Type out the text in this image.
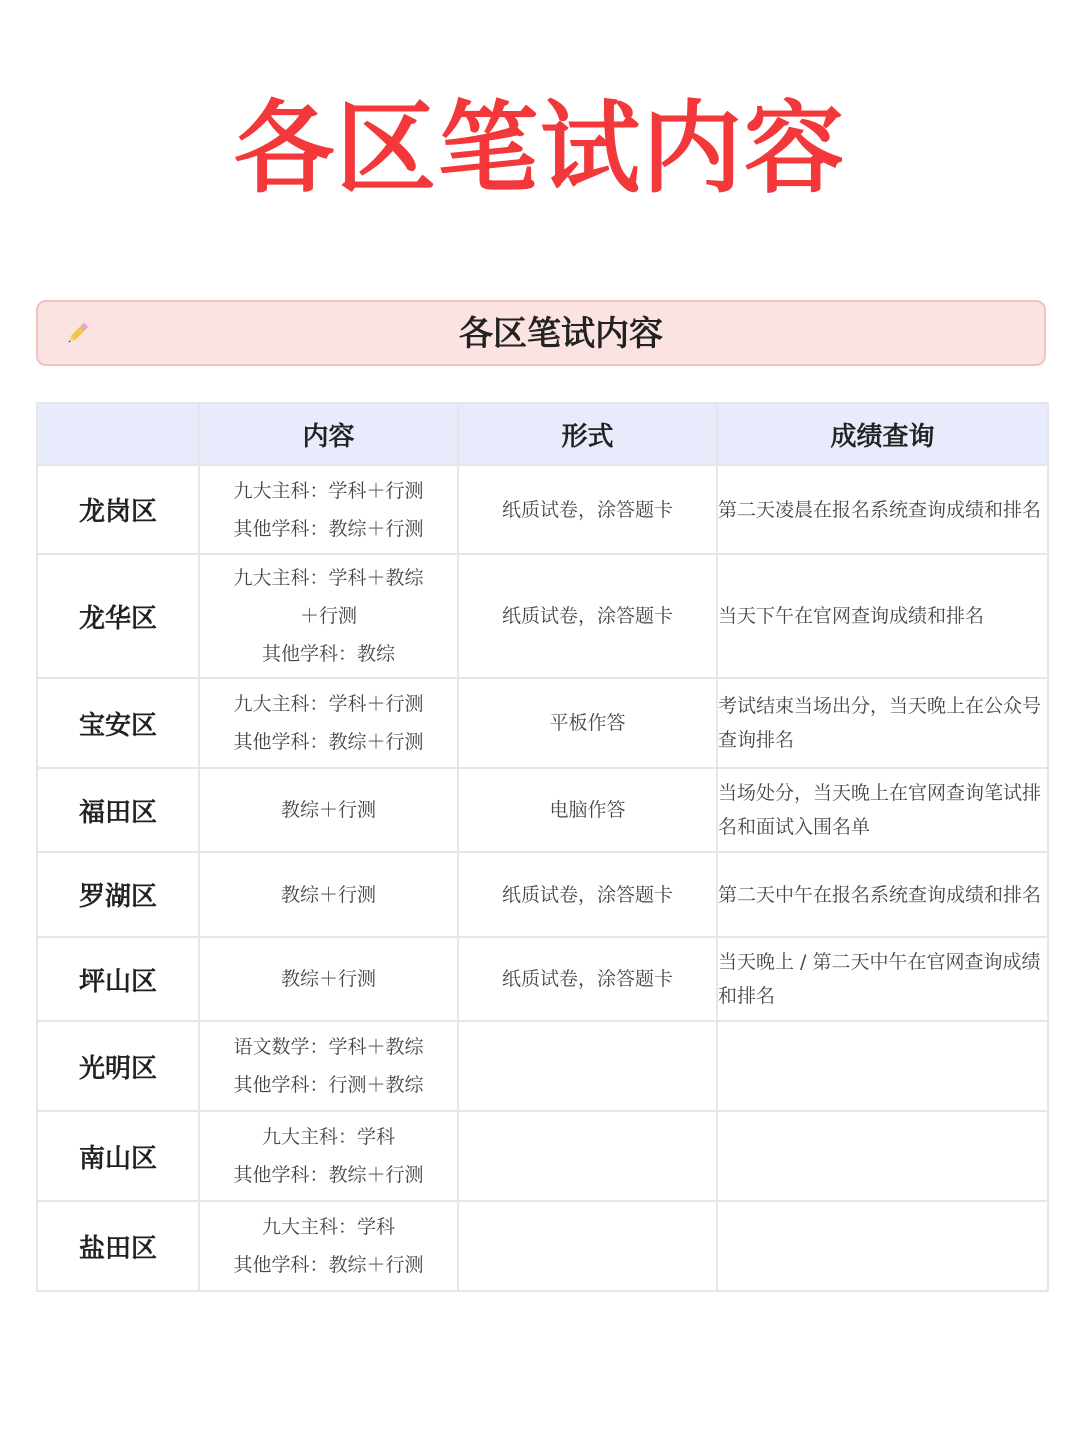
各区笔试内容
各区笔试内容
	内容	形式	成绩查询
龙岗区	九大主科：学科＋行测
其他学科：教综＋行测	纸质试卷，涂答题卡	第二天凌晨在报名系统查询成绩和排名
龙华区	九大主科：学科＋教综
＋行测
其他学科：教综	纸质试卷，涂答题卡	当天下午在官网查询成绩和排名
宝安区	九大主科：学科＋行测
其他学科：教综＋行测	平板作答	考试结束当场出分，当天晚上在公众号查询排名
福田区	教综＋行测	电脑作答	当场处分，当天晚上在官网查询笔试排名和面试入围名单
罗湖区	教综＋行测	纸质试卷，涂答题卡	第二天中午在报名系统查询成绩和排名
坪山区	教综＋行测	纸质试卷，涂答题卡	当天晚上 / 第二天中午在官网查询成绩和排名
光明区	语文数学：学科＋教综
其他学科：行测＋教综		

南山区	九大主科：学科
其他学科：教综＋行测		

盐田区	九大主科：学科
其他学科：教综＋行测		
